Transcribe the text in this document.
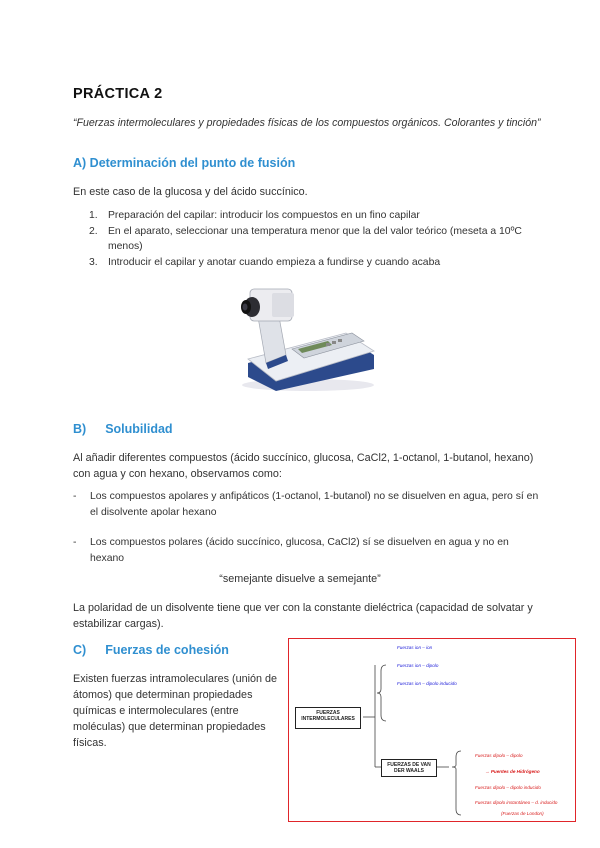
PRÁCTICA 2
“Fuerzas intermoleculares y propiedades físicas de los compuestos orgánicos. Colorantes y tinción”
A) Determinación del punto de fusión
En este caso de la glucosa y del ácido succínico.
1. Preparación del capilar: introducir los compuestos en un fino capilar
2. En el aparato, seleccionar una temperatura menor que la del valor teórico (meseta a 10ºC menos)
3. Introducir el capilar y anotar cuando empieza a fundirse y cuando acaba
B) Solubilidad
Al añadir diferentes compuestos (ácido succínico, glucosa, CaCl2, 1-octanol, 1-butanol, hexano) con agua y con hexano, observamos como:
- Los compuestos apolares y anfipáticos (1-octanol, 1-butanol) no se disuelven en agua, pero sí en el disolvente apolar hexano
- Los compuestos polares (ácido succínico, glucosa, CaCl2) sí se disuelven en agua y no en hexano
“semejante disuelve a semejante”
La polaridad de un disolvente tiene que ver con la constante dieléctrica (capacidad de solvatar y estabilizar cargas).
C) Fuerzas de cohesión
Existen fuerzas intramoleculares (unión de átomos) que determinan propiedades químicas e intermoleculares (entre moléculas) que determinan propiedades físicas.
FUERZAS INTERMOLECULARES
Fuerzas ion – ion
Fuerzas ion – dipolo
Fuerzas ion – dipolo inducido
FUERZAS DE VAN DER WAALS
Fuerzas dipolo – dipolo
→ Puentes de Hidrógeno
Fuerzas dipolo – dipolo inducido
Fuerzas dipolo instantáneo – d. inducido
(Fuerzas de London)
